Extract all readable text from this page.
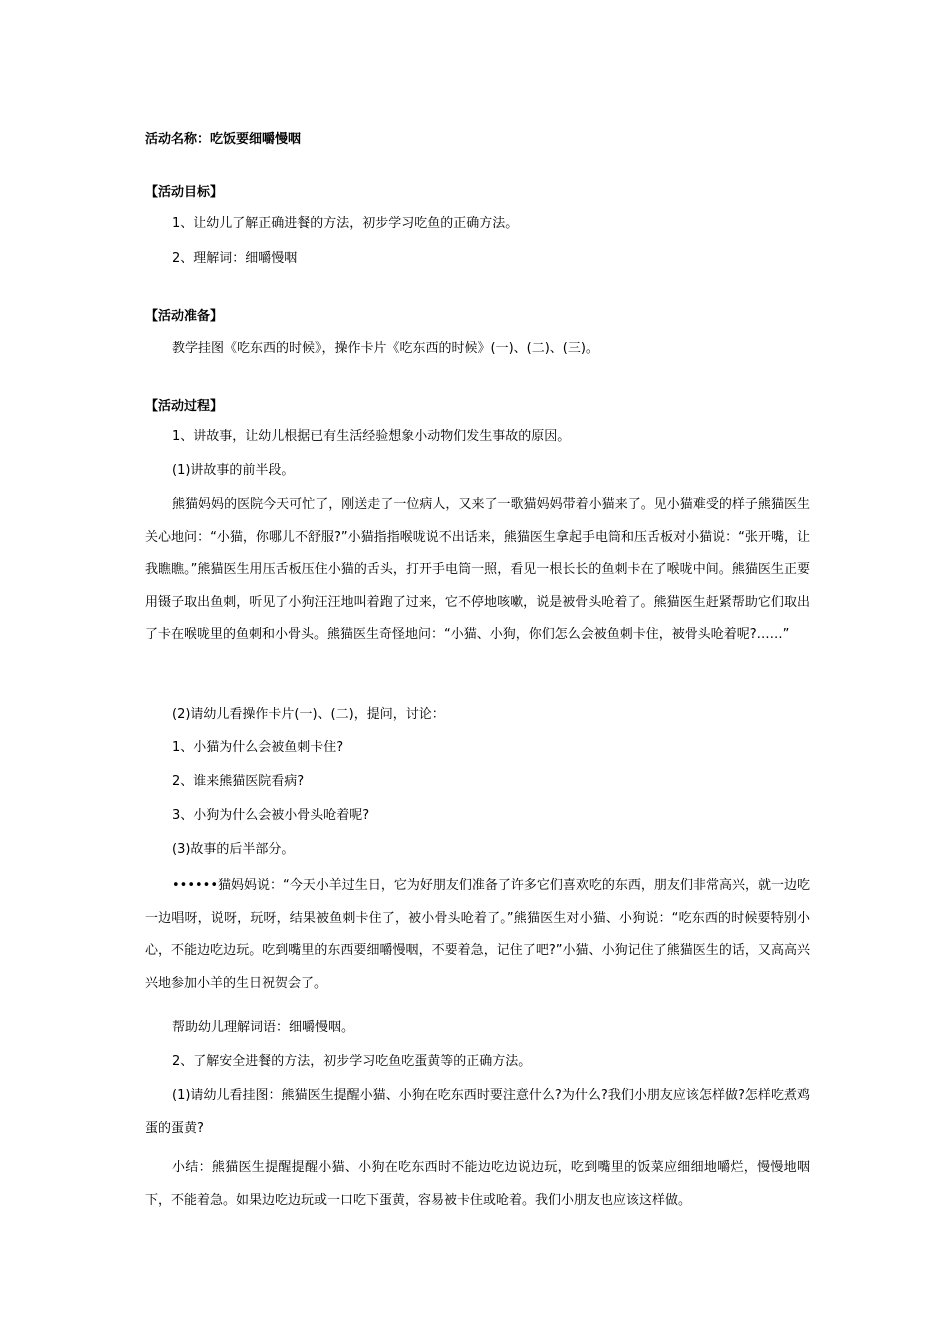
活动名称：吃饭要细嚼慢咽
【活动目标】
1、让幼儿了解正确进餐的方法，初步学习吃鱼的正确方法。
2、理解词：细嚼慢咽
【活动准备】
教学挂图《吃东西的时候》，操作卡片《吃东西的时候》(一)、(二)、(三)。
【活动过程】
1、讲故事，让幼儿根据已有生活经验想象小动物们发生事故的原因。
(1)讲故事的前半段。
熊猫妈妈的医院今天可忙了，刚送走了一位病人，又来了一歌猫妈妈带着小猫来了。见小猫难受的样子熊猫医生关心地问：“小猫，你哪儿不舒服?”小猫指指喉咙说不出话来，熊猫医生拿起手电筒和压舌板对小猫说：“张开嘴，让我瞧瞧。”熊猫医生用压舌板压住小猫的舌头，打开手电筒一照，看见一根长长的鱼刺卡在了喉咙中间。熊猫医生正要用镊子取出鱼刺，听见了小狗汪汪地叫着跑了过来，它不停地咳嗽，说是被骨头呛着了。熊猫医生赶紧帮助它们取出了卡在喉咙里的鱼刺和小骨头。熊猫医生奇怪地问：“小猫、小狗，你们怎么会被鱼刺卡住，被骨头呛着呢?……”
(2)请幼儿看操作卡片(一)、(二)，提问，讨论：
1、小猫为什么会被鱼刺卡住?
2、谁来熊猫医院看病?
3、小狗为什么会被小骨头呛着呢?
(3)故事的后半部分。
••••••猫妈妈说：“今天小羊过生日，它为好朋友们准备了许多它们喜欢吃的东西，朋友们非常高兴，就一边吃一边唱呀，说呀，玩呀，结果被鱼刺卡住了，被小骨头呛着了。”熊猫医生对小猫、小狗说：“吃东西的时候要特别小心，不能边吃边玩。吃到嘴里的东西要细嚼慢咽，不要着急，记住了吧?”小猫、小狗记住了熊猫医生的话，又高高兴兴地参加小羊的生日祝贺会了。
帮助幼儿理解词语：细嚼慢咽。
2、了解安全进餐的方法，初步学习吃鱼吃蛋黄等的正确方法。
(1)请幼儿看挂图：熊猫医生提醒小猫、小狗在吃东西时要注意什么?为什么?我们小朋友应该怎样做?怎样吃煮鸡蛋的蛋黄?
小结：熊猫医生提醒提醒小猫、小狗在吃东西时不能边吃边说边玩，吃到嘴里的饭菜应细细地嚼烂，慢慢地咽下，不能着急。如果边吃边玩或一口吃下蛋黄，容易被卡住或呛着。我们小朋友也应该这样做。
